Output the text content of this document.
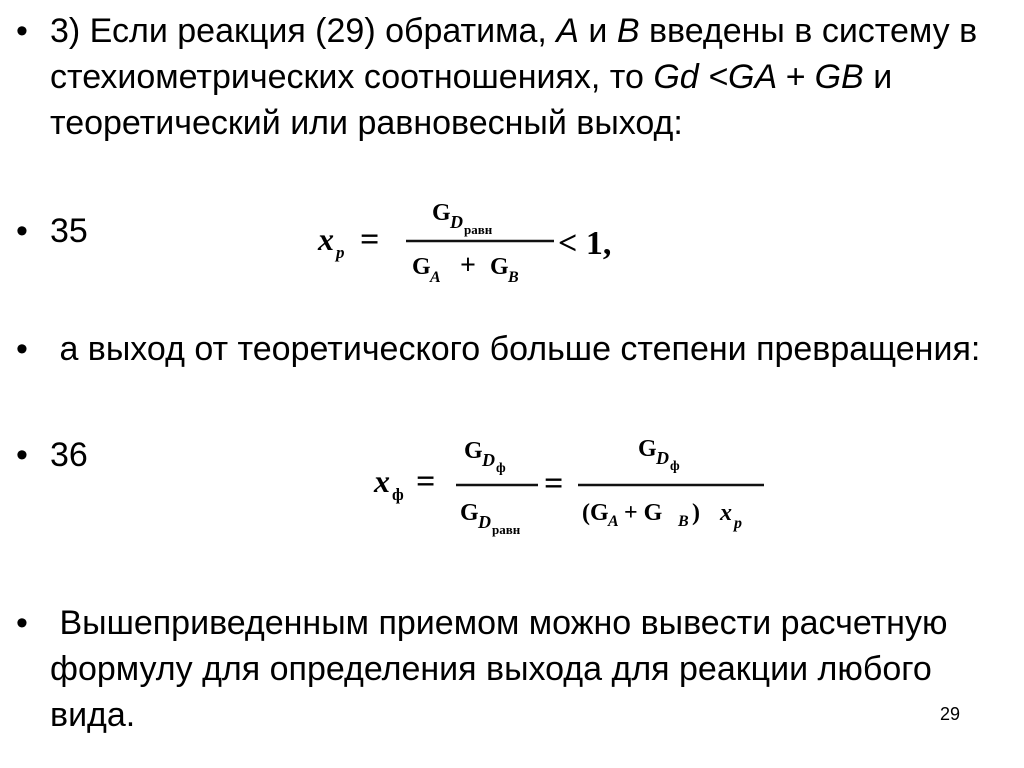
• 3) Если реакция (29) обратима, A и B введены в систему в стехиометрических соотношениях, то Gd <GA + GB и теоретический или равновесный выход:
• 35	x р =
G D равн
G A + G B
< 1,
• а выход от теоретического больше степени превращения:
• 36
x ф =
G D ф
G D равн
=
G D ф
(G A + G B ) x р
• Вышеприведенным приемом можно вывести расчетную формулу для определения выхода для реакции любого вида.	29
